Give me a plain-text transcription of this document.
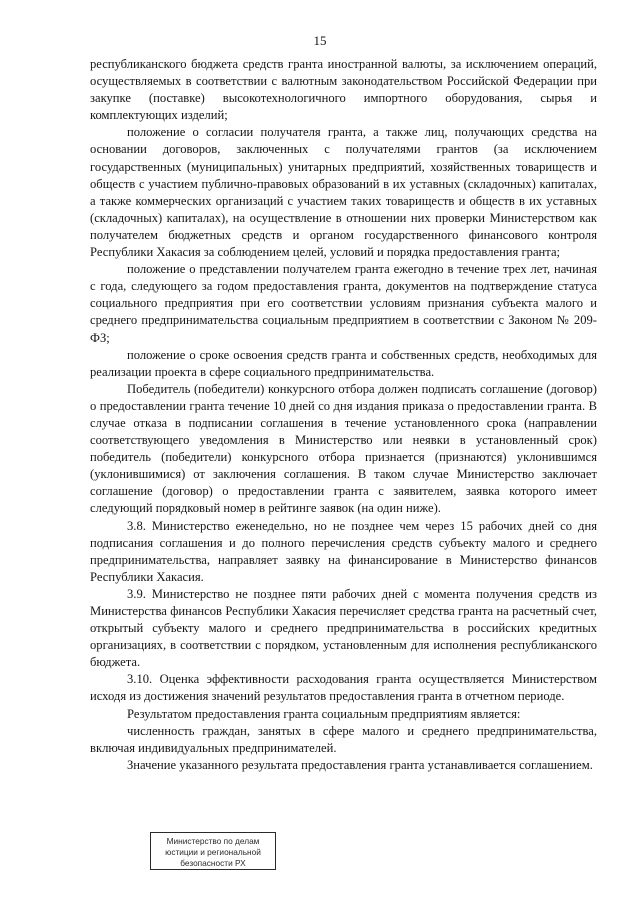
15

республиканского бюджета средств гранта иностранной валюты, за исключением операций, осуществляемых в соответствии с валютным законодательством Российской Федерации при закупке (поставке) высокотехнологичного импортного оборудования, сырья и комплектующих изделий;

положение о согласии получателя гранта, а также лиц, получающих средства на основании договоров, заключенных с получателями грантов (за исключением государственных (муниципальных) унитарных предприятий, хозяйственных товариществ и обществ с участием публично-правовых образований в их уставных (складочных) капиталах, а также коммерческих организаций с участием таких товариществ и обществ в их уставных (складочных) капиталах), на осуществление в отношении них проверки Министерством как получателем бюджетных средств и органом государственного финансового контроля Республики Хакасия за соблюдением целей, условий и порядка предоставления гранта;

положение о представлении получателем гранта ежегодно в течение трех лет, начиная с года, следующего за годом предоставления гранта, документов на подтверждение статуса социального предприятия при его соответствии условиям признания субъекта малого и среднего предпринимательства социальным предприятием в соответствии с Законом № 209-ФЗ;

положение о сроке освоения средств гранта и собственных средств, необходимых для реализации проекта в сфере социального предпринимательства.

Победитель (победители) конкурсного отбора должен подписать соглашение (договор) о предоставлении гранта течение 10 дней со дня издания приказа о предоставлении гранта. В случае отказа в подписании соглашения в течение установленного срока (направлении соответствующего уведомления в Министерство или неявки в установленный срок) победитель (победители) конкурсного отбора признается (признаются) уклонившимся (уклонившимися) от заключения соглашения. В таком случае Министерство заключает соглашение (договор) о предоставлении гранта с заявителем, заявка которого имеет следующий порядковый номер в рейтинге заявок (на один ниже).

3.8. Министерство еженедельно, но не позднее чем через 15 рабочих дней со дня подписания соглашения и до полного перечисления средств субъекту малого и среднего предпринимательства, направляет заявку на финансирование в Министерство финансов Республики Хакасия.

3.9. Министерство не позднее пяти рабочих дней с момента получения средств из Министерства финансов Республики Хакасия перечисляет средства гранта на расчетный счет, открытый субъекту малого и среднего предпринимательства в российских кредитных организациях, в соответствии с порядком, установленным для исполнения республиканского бюджета.

3.10. Оценка эффективности расходования гранта осуществляется Министерством исходя из достижения значений результатов предоставления гранта в отчетном периоде.

Результатом предоставления гранта социальным предприятиям является:

численность граждан, занятых в сфере малого и среднего предпринимательства, включая индивидуальных предпринимателей.

Значение указанного результата предоставления гранта устанавливается соглашением.

Министерство по делам
юстиции и региональной
безопасности РХ
